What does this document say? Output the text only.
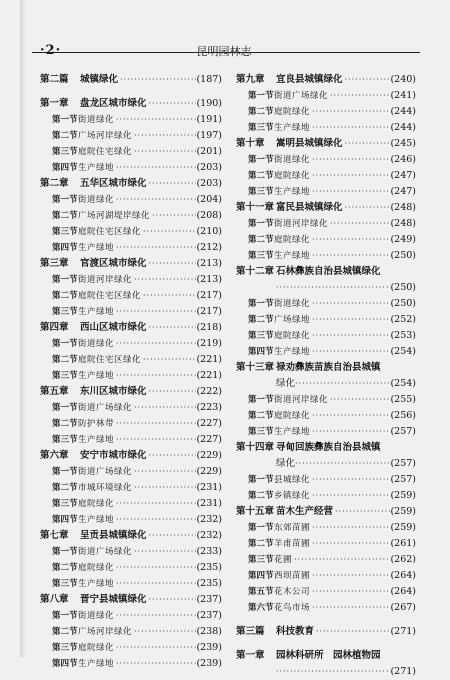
·2·	昆明园林志
第二篇	城镇绿化 ·····	(187)
第一章	盘龙区城市绿化 ·····	(190)
第一节 街道绿化 ·····	(191)
第二节 广场河岸绿化 ·····	(197)
第三节 庭院住宅绿化 ·····	(201)
第四节 生产绿地 ·····	(203)
第二章	五华区城市绿化 ·····	(203)
第一节 街道绿化 ·····	(204)
第二节 广场河湖堤岸绿化 ·····	(208)
第三节 庭院住宅区绿化 ·····	(210)
第四节 生产绿地 ·····	(212)
第三章	官渡区城市绿化 ·····	(213)
第一节 街道河岸绿化 ·····	(213)
第二节 庭院住宅区绿化 ·····	(217)
第三节 生产绿地 ·····	(217)
第四章	西山区城市绿化 ·····	(218)
第一节 街道绿化 ·····	(219)
第二节 庭院住宅区绿化 ·····	(221)
第三节 生产绿地 ·····	(221)
第五章	东川区城市绿化 ·····	(222)
第一节 街道广场绿化 ·····	(223)
第二节 防护林带 ·····	(227)
第三节 生产绿地 ·····	(227)
第六章	安宁市城市绿化 ·····	(229)
第一节 街道广场绿化 ·····	(229)
第二节 市城环境绿化 ·····	(231)
第三节 庭院绿化 ·····	(231)
第四节 生产绿地 ·····	(232)
第七章	呈贡县城镇绿化 ·····	(232)
第一节 街道广场绿化 ·····	(233)
第二节 庭院绿化 ·····	(235)
第三节 生产绿地 ·····	(235)
第八章	晋宁县城镇绿化 ·····	(237)
第一节 街道绿化 ·····	(237)
第二节 广场河岸绿化 ·····	(238)
第三节 庭院绿化 ·····	(239)
第四节 生产绿地 ·····	(239)
第九章	宜良县城镇绿化 ·····	(240)
第一节 街道广场绿化 ·····	(241)
第二节 庭院绿化 ·····	(244)
第三节 生产绿地 ·····	(244)
第十章	嵩明县城镇绿化 ·····	(245)
第一节 街道绿化 ·····	(246)
第二节 庭院绿化 ·····	(247)
第三节 生产绿地 ·····	(247)
第十一章 富民县城镇绿化 ·····	(248)
第一节 街道河岸绿化 ·····	(248)
第二节 庭院绿化 ·····	(249)
第三节 生产绿地 ·····	(250)
第十二章 石林彝族自治县城镇绿化
·····
(250)
第一节 街道绿化 ·····	(250)
第二节 广场绿地 ·····	(252)
第三节 庭院绿化 ·····	(253)
第四节 生产绿地 ·····	(254)
第十三章 禄劝彝族苗族自治县城镇
绿化 ·····	(254)
第一节 街道河岸绿化 ·····	(255)
第二节 庭院绿化 ·····	(256)
第三节 生产绿地 ·····	(257)
第十四章 寻甸回族彝族自治县城镇
绿化 ·····	(257)
第一节 县城绿化 ·····	(257)
第二节 乡镇绿化 ·····	(259)
第十五章 苗木生产经营 ·····	(259)
第一节 东郊苗圃 ·····	(259)
第二节 羊甫苗圃 ·····	(261)
第三节 花圃 ·····	(262)
第四节 西坝苗圃 ·····	(264)
第五节 花木公司 ·····	(264)
第六节 花鸟市场 ·····	(267)
第三篇	科技教育 ·····	(271)
第一章	园林科研所　园林植物园
·····
(271)
